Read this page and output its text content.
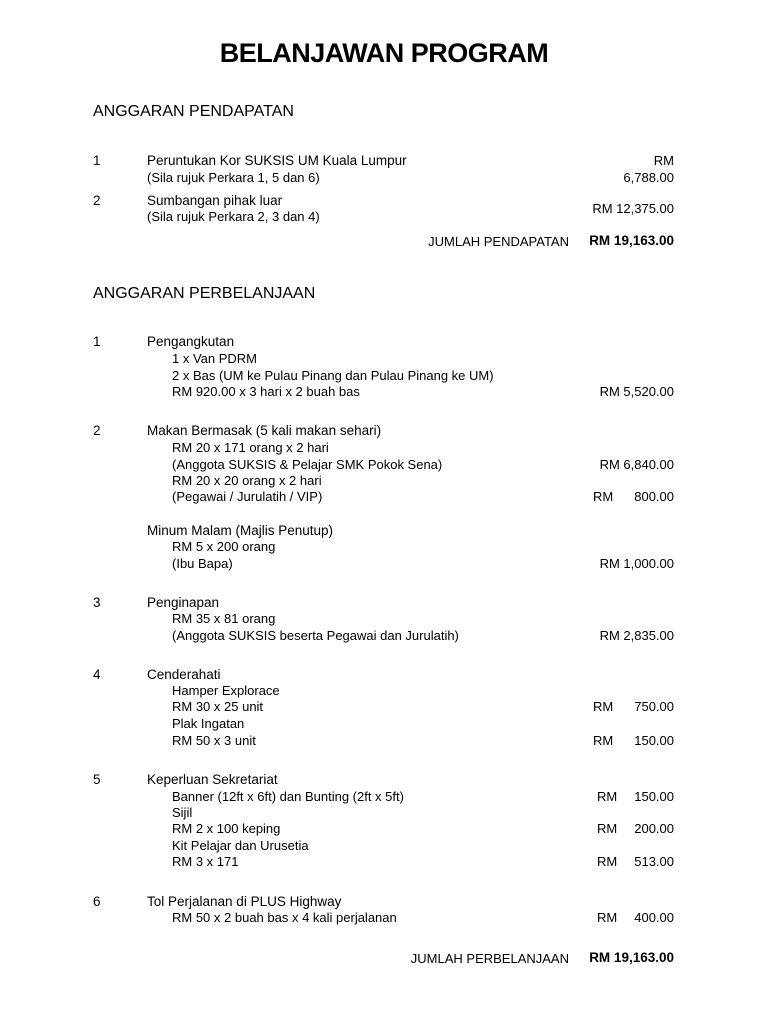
BELANJAWAN PROGRAM
ANGGARAN PENDAPATAN
1	Peruntukan Kor SUKSIS UM Kuala Lumpur
(Sila rujuk Perkara 1, 5 dan 6)
RM
6,788.00
2	Sumbangan pihak luar
(Sila rujuk Perkara 2, 3 dan 4)
RM 12,375.00
JUMLAH PENDAPATAN RM 19,163.00
ANGGARAN PERBELANJAAN
1	Pengangkutan
1 x Van PDRM
2 x Bas (UM ke Pulau Pinang dan Pulau Pinang ke UM)
RM 920.00 x 3 hari x 2 buah bas	RM 5,520.00
2	Makan Bermasak (5 kali makan sehari)
RM 20 x 171 orang x 2 hari
(Anggota SUKSIS & Pelajar SMK Pokok Sena)	RM 6,840.00
RM 20 x 20 orang x 2 hari
(Pegawai / Jurulatih / VIP)	RM	800.00
Minum Malam (Majlis Penutup)
RM 5 x 200 orang
(Ibu Bapa)	RM 1,000.00
3	Penginapan
RM 35 x 81 orang
(Anggota SUKSIS beserta Pegawai dan Jurulatih)	RM 2,835.00
4	Cenderahati
Hamper Explorace
RM 30 x 25 unit	RM	750.00
Plak Ingatan
RM 50 x 3 unit	RM	150.00
5	Keperluan Sekretariat
Banner (12ft x 6ft) dan Bunting (2ft x 5ft)	RM	150.00
Sijil
RM 2 x 100 keping	RM	200.00
Kit Pelajar dan Urusetia
RM 3 x 171	RM	513.00
6	Tol Perjalanan di PLUS Highway
RM 50 x 2 buah bas x 4 kali perjalanan	RM	400.00
JUMLAH PERBELANJAAN RM 19,163.00
